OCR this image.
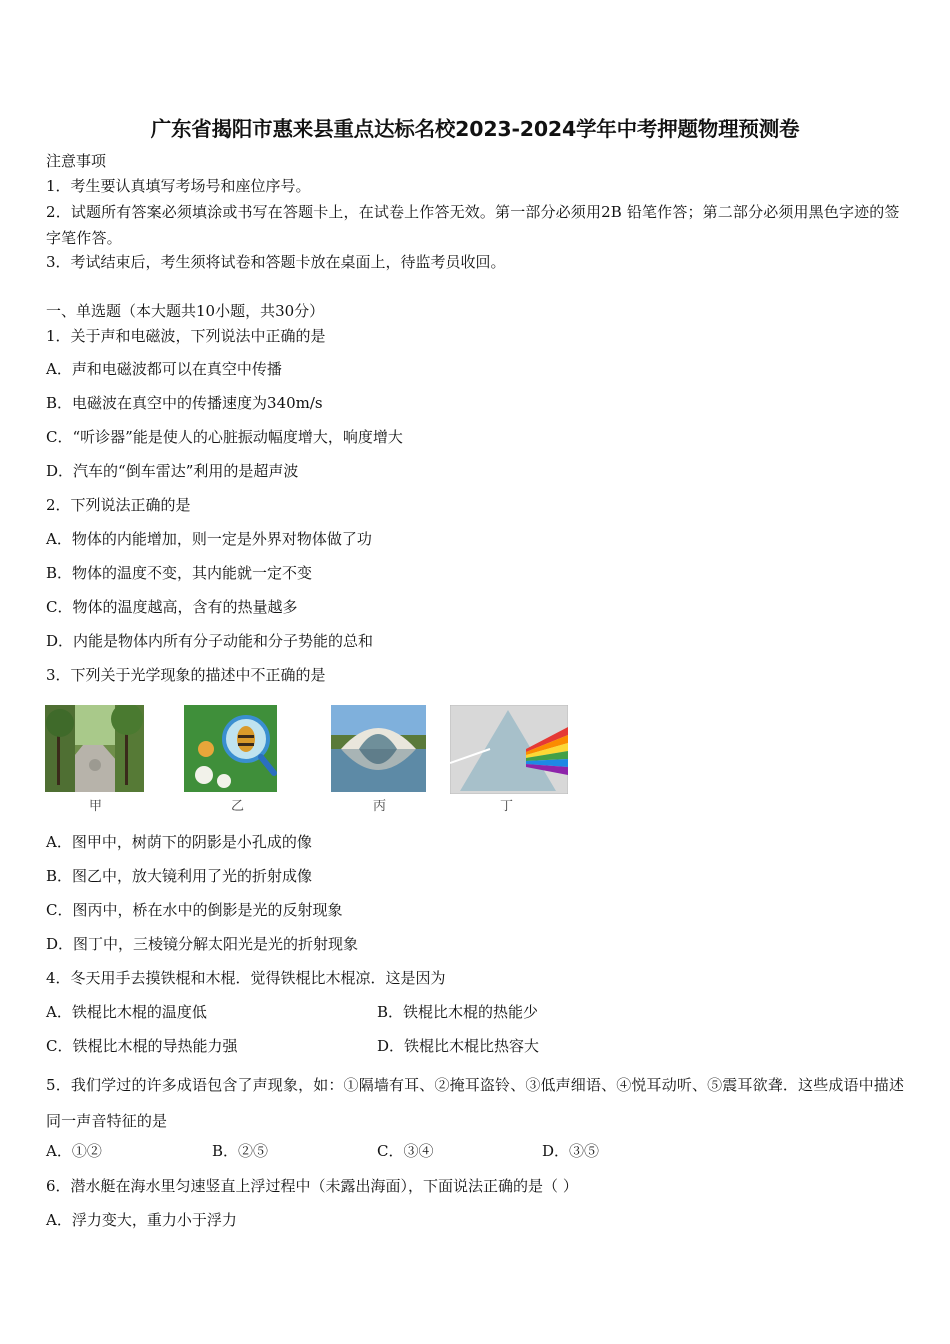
广东省揭阳市惠来县重点达标名校2023-2024学年中考押题物理预测卷
注意事项
1．考生要认真填写考场号和座位序号。
2．试题所有答案必须填涂或书写在答题卡上，在试卷上作答无效。第一部分必须用2B 铅笔作答；第二部分必须用黑色字迹的签字笔作答。
3．考试结束后，考生须将试卷和答题卡放在桌面上，待监考员收回。
一、单选题（本大题共10小题，共30分）
1．关于声和电磁波，下列说法中正确的是
A．声和电磁波都可以在真空中传播
B．电磁波在真空中的传播速度为340m/s
C．“听诊器”能是使人的心脏振动幅度增大，响度增大
D．汽车的“倒车雷达”利用的是超声波
2．下列说法正确的是
A．物体的内能增加，则一定是外界对物体做了功
B．物体的温度不变，其内能就一定不变
C．物体的温度越高，含有的热量越多
D．内能是物体内所有分子动能和分子势能的总和
3．下列关于光学现象的描述中不正确的是
甲	乙	丙	丁
A．图甲中，树荫下的阴影是小孔成的像
B．图乙中，放大镜利用了光的折射成像
C．图丙中，桥在水中的倒影是光的反射现象
D．图丁中，三棱镜分解太阳光是光的折射现象
4．冬天用手去摸铁棍和木棍．觉得铁棍比木棍凉．这是因为
A．铁棍比木棍的温度低	B．铁棍比木棍的热能少
C．铁棍比木棍的导热能力强	D．铁棍比木棍比热容大
5．我们学过的许多成语包含了声现象，如：①隔墙有耳、②掩耳盗铃、③低声细语、④悦耳动听、⑤震耳欲聋．这些成语中描述同一声音特征的是
A．①②	B．②⑤	C．③④	D．③⑤
6．潜水艇在海水里匀速竖直上浮过程中（未露出海面），下面说法正确的是（ ）
A．浮力变大，重力小于浮力
